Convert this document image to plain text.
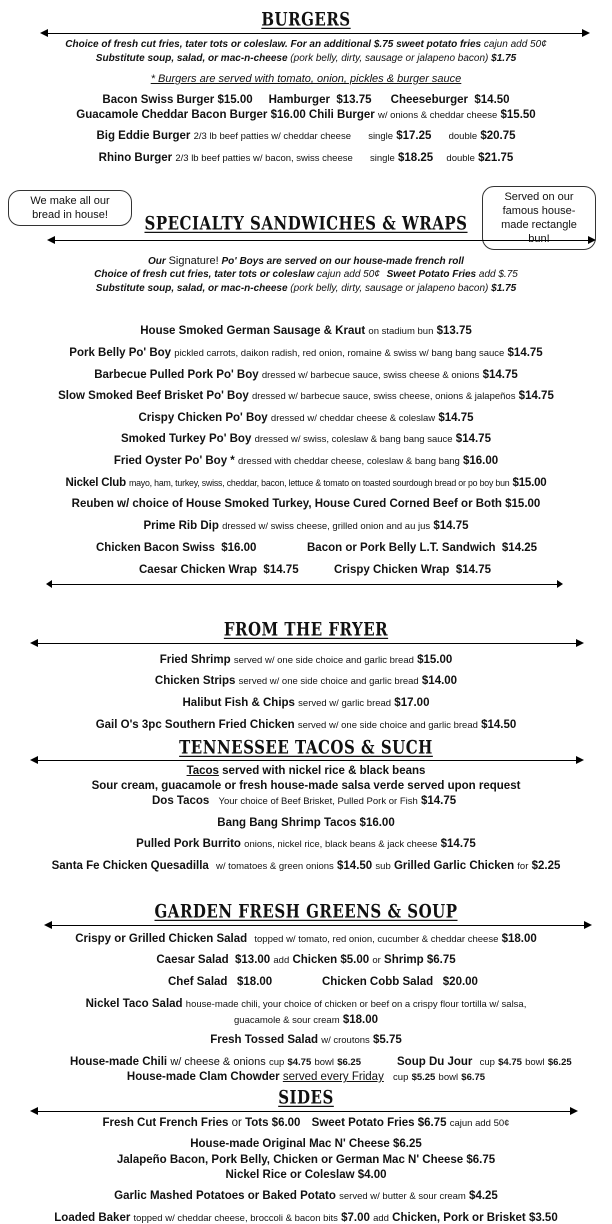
BURGERS
Choice of fresh cut fries, tater tots or coleslaw. For an additional $.75 sweet potato fries cajun add 50¢
Substitute soup, salad, or mac-n-cheese (pork belly, dirty, sausage or jalapeno bacon) $1.75
* Burgers are served with tomato, onion, pickles & burger sauce
Bacon Swiss Burger $15.00     Hamburger  $13.75      Cheeseburger  $14.50
Guacamole Cheddar Bacon Burger $16.00 Chili Burger w/ onions & cheddar cheese $15.50
Big Eddie Burger 2/3 lb beef patties w/ cheddar cheese single $17.25 double $20.75
Rhino Burger 2/3 lb beef patties w/ bacon, swiss cheese single $18.25 double $21.75
We make all our bread in house!
Served on our famous house-made rectangle bun!
SPECIALTY SANDWICHES & WRAPS
Our Signature! Po' Boys are served on our house-made french roll
Choice of fresh cut fries, tater tots or coleslaw cajun add 50¢ Sweet Potato Fries add $.75
Substitute soup, salad, or mac-n-cheese (pork belly, dirty, sausage or jalapeno bacon) $1.75
House Smoked German Sausage & Kraut on stadium bun $13.75
Pork Belly Po' Boy pickled carrots, daikon radish, red onion, romaine & swiss w/ bang bang sauce $14.75
Barbecue Pulled Pork Po' Boy dressed w/ barbecue sauce, swiss cheese & onions $14.75
Slow Smoked Beef Brisket Po' Boy dressed w/ barbecue sauce, swiss cheese, onions & jalapeños $14.75
Crispy Chicken Po' Boy dressed w/ cheddar cheese & coleslaw $14.75
Smoked Turkey Po' Boy dressed w/ swiss, coleslaw & bang bang sauce $14.75
Fried Oyster Po' Boy * dressed with cheddar cheese, coleslaw & bang bang $16.00
Nickel Club mayo, ham, turkey, swiss, cheddar, bacon, lettuce & tomato on toasted sourdough bread or po boy bun $15.00
Reuben w/ choice of House Smoked Turkey, House Cured Corned Beef or Both $15.00
Prime Rib Dip dressed w/ swiss cheese, grilled onion and au jus $14.75
Chicken Bacon Swiss  $16.00	Bacon or Pork Belly L.T. Sandwich  $14.25
Caesar Chicken Wrap  $14.75	Crispy Chicken Wrap  $14.75
FROM THE FRYER
Fried Shrimp served w/ one side choice and garlic bread $15.00
Chicken Strips served w/ one side choice and garlic bread $14.00
Halibut Fish & Chips served w/ garlic bread $17.00
Gail O's 3pc Southern Fried Chicken served w/ one side choice and garlic bread $14.50
TENNESSEE TACOS & SUCH
Tacos served with nickel rice & black beans
Sour cream, guacamole or fresh house-made salsa verde served upon request
Dos Tacos Your choice of Beef Brisket, Pulled Pork or Fish $14.75
Bang Bang Shrimp Tacos $16.00
Pulled Pork Burrito onions, nickel rice, black beans & jack cheese $14.75
Santa Fe Chicken Quesadilla w/ tomatoes & green onions $14.50 sub Grilled Garlic Chicken for $2.25
GARDEN FRESH GREENS & SOUP
Crispy or Grilled Chicken Salad topped w/ tomato, red onion, cucumber & cheddar cheese $18.00
Caesar Salad  $13.00 add Chicken $5.00 or Shrimp $6.75
Chef Salad   $18.00	Chicken Cobb Salad   $20.00
Nickel Taco Salad house-made chili, your choice of chicken or beef on a crispy flour tortilla w/ salsa,
guacamole & sour cream $18.00
Fresh Tossed Salad w/ croutons $5.75
House-made Chili w/ cheese & onions cup $4.75 bowl $6.25	Soup Du Jour cup $4.75 bowl $6.25
House-made Clam Chowder served every Friday cup $5.25 bowl $6.75
SIDES
Fresh Cut French Fries or Tots $6.00 Sweet Potato Fries $6.75 cajun add 50¢
House-made Original Mac N' Cheese $6.25
Jalapeño Bacon, Pork Belly, Chicken or German Mac N' Cheese $6.75
Nickel Rice or Coleslaw $4.00
Garlic Mashed Potatoes or Baked Potato served w/ butter & sour cream $4.25
Loaded Baker topped w/ cheddar cheese, broccoli & bacon bits $7.00 add Chicken, Pork or Brisket $3.50
